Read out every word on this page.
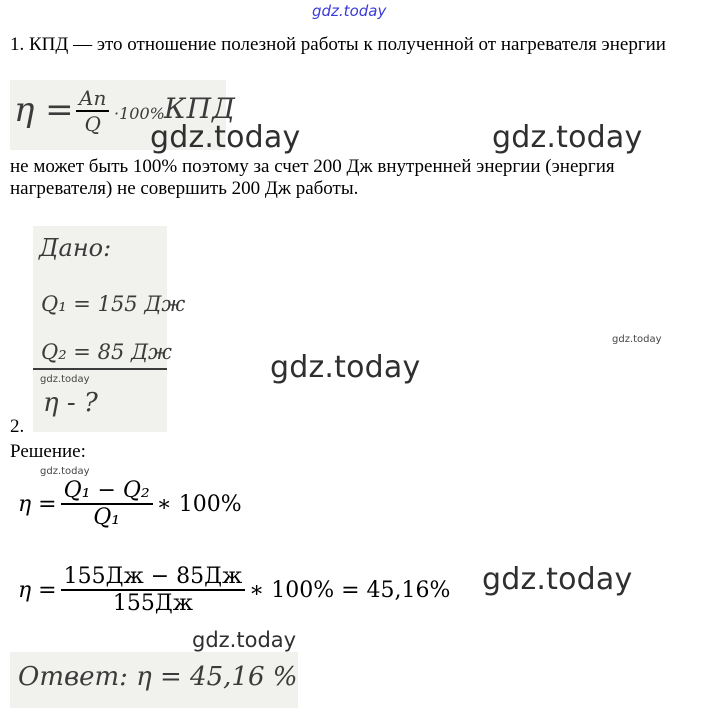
gdz.today
1. КПД — это отношение полезной работы к полученной от нагревателя энергии
η = Aп
Q ·100% КПД
gdz.today	gdz.today
не может быть 100% поэтому за счет 200 Дж внутренней энергии (энергия нагревателя) не совершить 200 Дж работы.
Дано:
Q₁ = 155 Дж
Q₂ = 85 Дж
η - ?
gdz.today	gdz.today
gdz.today
2.
Решение:
gdz.today
$\eta = \frac{\text{Q₁ − Q₂}}{\text{Q₁}}$ ∗ 100%
$\eta = \frac{155Дж - 85Дж}{155Дж}$ ∗ 100% = 45,16% gdz.today
gdz.today
Ответ: η = 45,16 %
